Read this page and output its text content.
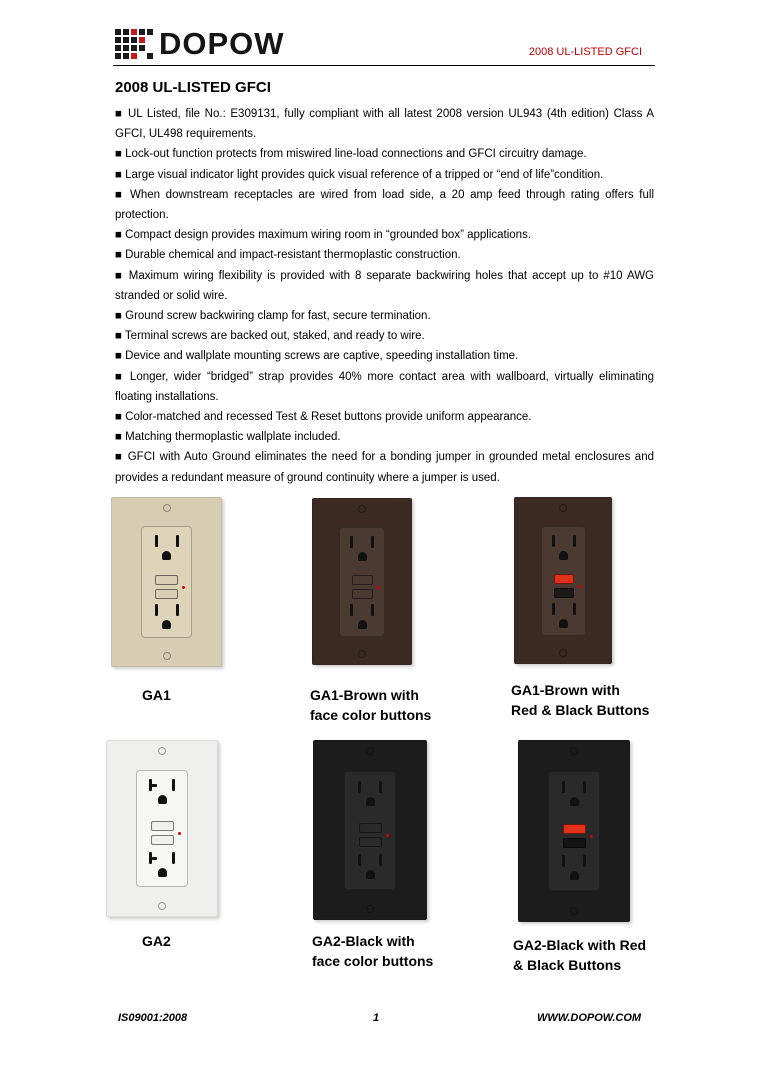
DOPOW	2008 UL-LISTED GFCI
2008 UL-LISTED GFCI

■ UL Listed, file No.: E309131, fully compliant with all latest 2008 version UL943 (4th edition) Class A GFCI, UL498 requirements.

■ Lock-out function protects from miswired line-load connections and GFCI circuitry damage.

■ Large visual indicator light provides quick visual reference of a tripped or “end of life”condition.

■ When downstream receptacles are wired from load side, a 20 amp feed through rating offers full protection.

■ Compact design provides maximum wiring room in “grounded box” applications.

■ Durable chemical and impact-resistant thermoplastic construction.

■ Maximum wiring flexibility is provided with 8 separate backwiring holes that accept up to #10 AWG stranded or solid wire.

■ Ground screw backwiring clamp for fast, secure termination.

■ Terminal screws are backed out, staked, and ready to wire.

■ Device and wallplate mounting screws are captive, speeding installation time.

■ Longer, wider “bridged” strap provides 40% more contact area with wallboard, virtually eliminating floating installations.

■ Color-matched and recessed Test & Reset buttons provide uniform appearance.

■ Matching thermoplastic wallplate included.

■ GFCI with Auto Ground eliminates the need for a bonding jumper in grounded metal enclosures and provides a redundant measure of ground continuity where a jumper is used.

GA1	GA1-Brown with
face color buttons
GA1-Brown with
Red & Black Buttons
GA2	GA2-Black with
face color buttons
GA2-Black with Red
& Black Buttons
IS09001:2008	1	WWW.DOPOW.COM
